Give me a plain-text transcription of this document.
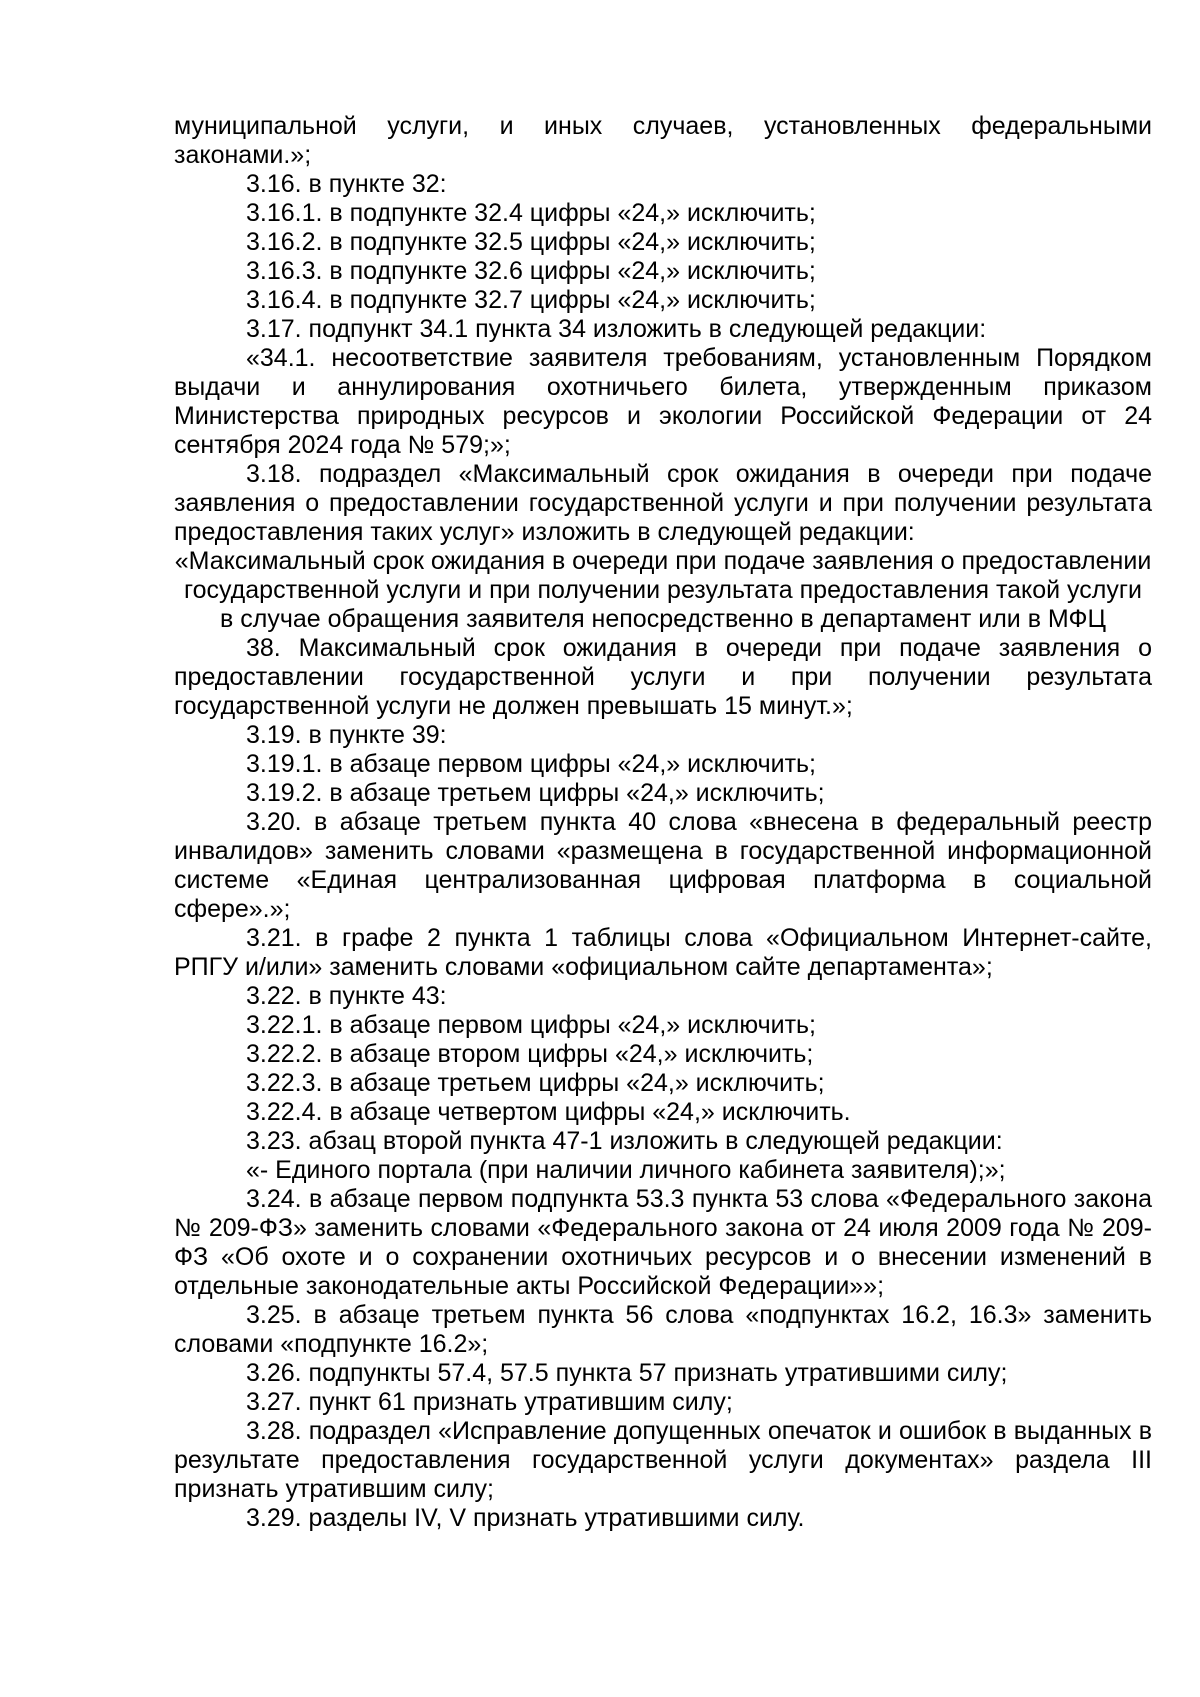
муниципальной услуги, и иных случаев, установленных федеральными законами.»;

3.16. в пункте 32:

3.16.1. в подпункте 32.4 цифры «24,» исключить;

3.16.2. в подпункте 32.5 цифры «24,» исключить;

3.16.3. в подпункте 32.6 цифры «24,» исключить;

3.16.4. в подпункте 32.7 цифры «24,» исключить;

3.17. подпункт 34.1 пункта 34 изложить в следующей редакции:

«34.1. несоответствие заявителя требованиям, установленным Порядком выдачи и аннулирования охотничьего билета, утвержденным приказом Министерства природных ресурсов и экологии Российской Федерации от 24 сентября 2024 года № 579;»;

3.18. подраздел «Максимальный срок ожидания в очереди при подаче заявления о предоставлении государственной услуги и при получении результата предоставления таких услуг» изложить в следующей редакции:

«Максимальный срок ожидания в очереди при подаче заявления о предоставлении государственной услуги и при получении результата предоставления такой услуги в случае обращения заявителя непосредственно в департамент или в МФЦ

38. Максимальный срок ожидания в очереди при подаче заявления о предоставлении государственной услуги и при получении результата государственной услуги не должен превышать 15 минут.»;

3.19. в пункте 39:

3.19.1. в абзаце первом цифры «24,» исключить;

3.19.2. в абзаце третьем цифры «24,» исключить;

3.20. в абзаце третьем пункта 40 слова «внесена в федеральный реестр инвалидов» заменить словами «размещена в государственной информационной системе «Единая централизованная цифровая платформа в социальной сфере».»;

3.21. в графе 2 пункта 1 таблицы слова «Официальном Интернет-сайте, РПГУ и/или» заменить словами «официальном сайте департамента»;

3.22. в пункте 43:

3.22.1. в абзаце первом цифры «24,» исключить;

3.22.2. в абзаце втором цифры «24,» исключить;

3.22.3. в абзаце третьем цифры «24,» исключить;

3.22.4. в абзаце четвертом цифры «24,» исключить.

3.23. абзац второй пункта 47-1 изложить в следующей редакции:

«- Единого портала (при наличии личного кабинета заявителя);»;

3.24. в абзаце первом подпункта 53.3 пункта 53 слова «Федерального закона № 209-ФЗ» заменить словами «Федерального закона от 24 июля 2009 года № 209-ФЗ «Об охоте и о сохранении охотничьих ресурсов и о внесении изменений в отдельные законодательные акты Российской Федерации»»;

3.25. в абзаце третьем пункта 56 слова «подпунктах 16.2, 16.3» заменить словами «подпункте 16.2»;

3.26. подпункты 57.4, 57.5 пункта 57 признать утратившими силу;

3.27. пункт 61 признать утратившим силу;

3.28. подраздел «Исправление допущенных опечаток и ошибок в выданных в результате предоставления государственной услуги документах» раздела III признать утратившим силу;

3.29. разделы IV, V признать утратившими силу.
